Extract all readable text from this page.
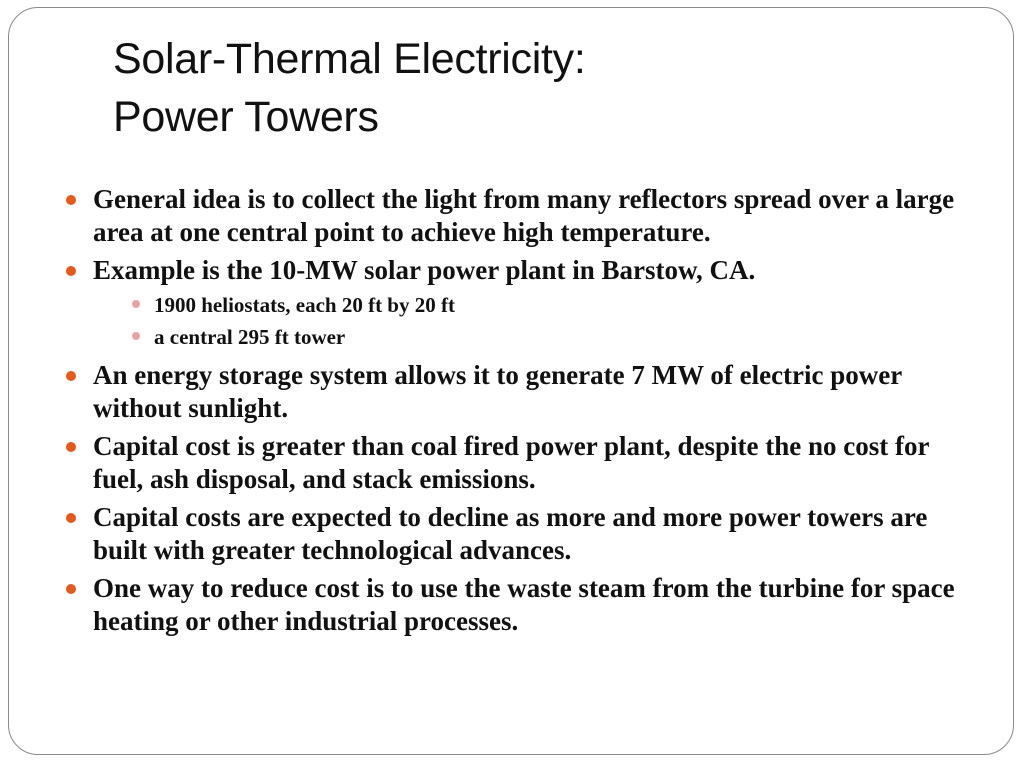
Solar-Thermal Electricity:
Power Towers
General idea is to collect the light from many reflectors spread over a large area at one central point to achieve high temperature.
Example is the 10-MW solar power plant in Barstow, CA.
1900 heliostats, each 20 ft by 20 ft
a central 295 ft tower
An energy storage system allows it to generate 7 MW of electric power without sunlight.
Capital cost is greater than coal fired power plant, despite the no cost for fuel, ash disposal, and stack emissions.
Capital costs are expected to decline as more and more power towers are built with greater technological advances.
One way to reduce cost is to use the waste steam from the turbine for space heating or other industrial processes.
